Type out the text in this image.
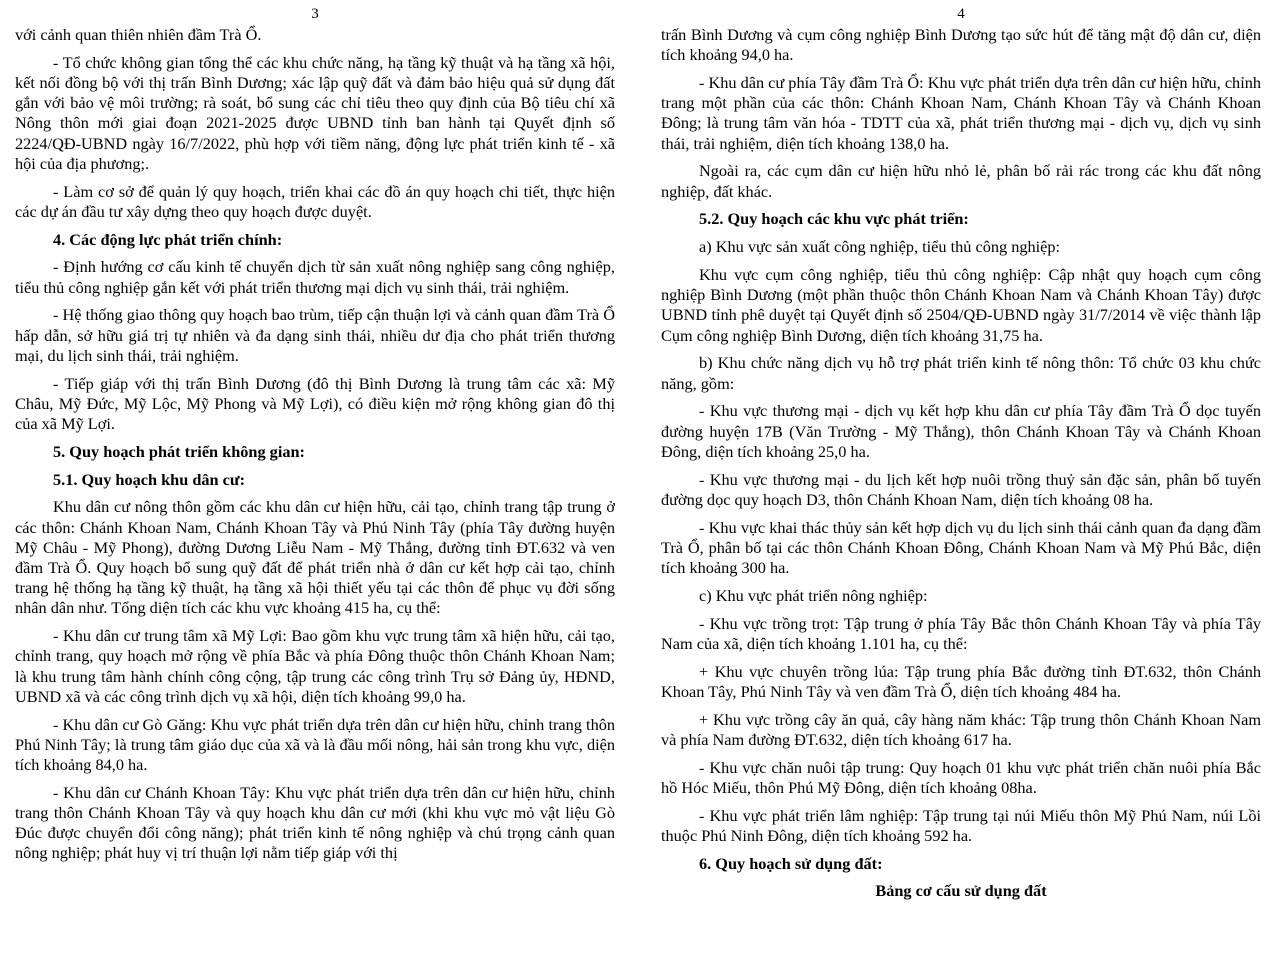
3

với cảnh quan thiên nhiên đầm Trà Ổ.

- Tổ chức không gian tổng thể các khu chức năng, hạ tầng kỹ thuật và hạ tầng xã hội, kết nối đồng bộ với thị trấn Bình Dương; xác lập quỹ đất và đảm bảo hiệu quả sử dụng đất gắn với bảo vệ môi trường; rà soát, bổ sung các chỉ tiêu theo quy định của Bộ tiêu chí xã Nông thôn mới giai đoạn 2021-2025 được UBND tỉnh ban hành tại Quyết định số 2224/QĐ-UBND ngày 16/7/2022, phù hợp với tiềm năng, động lực phát triển kinh tế - xã hội của địa phương;.

- Làm cơ sở để quản lý quy hoạch, triển khai các đồ án quy hoạch chi tiết, thực hiện các dự án đầu tư xây dựng theo quy hoạch được duyệt.

4. Các động lực phát triển chính:

- Định hướng cơ cấu kinh tế chuyển dịch từ sản xuất nông nghiệp sang công nghiệp, tiểu thủ công nghiệp gắn kết với phát triển thương mại dịch vụ sinh thái, trải nghiệm.

- Hệ thống giao thông quy hoạch bao trùm, tiếp cận thuận lợi và cảnh quan đầm Trà Ổ hấp dẫn, sở hữu giá trị tự nhiên và đa dạng sinh thái, nhiều dư địa cho phát triển thương mại, du lịch sinh thái, trải nghiệm.

- Tiếp giáp với thị trấn Bình Dương (đô thị Bình Dương là trung tâm các xã: Mỹ Châu, Mỹ Đức, Mỹ Lộc, Mỹ Phong và Mỹ Lợi), có điều kiện mở rộng không gian đô thị của xã Mỹ Lợi.

5. Quy hoạch phát triển không gian:

5.1. Quy hoạch khu dân cư:

Khu dân cư nông thôn gồm các khu dân cư hiện hữu, cải tạo, chỉnh trang tập trung ở các thôn: Chánh Khoan Nam, Chánh Khoan Tây và Phú Ninh Tây (phía Tây đường huyện Mỹ Châu - Mỹ Phong), đường Dương Liễu Nam - Mỹ Thắng, đường tỉnh ĐT.632 và ven đầm Trà Ổ. Quy hoạch bổ sung quỹ đất để phát triển nhà ở dân cư kết hợp cải tạo, chỉnh trang hệ thống hạ tầng kỹ thuật, hạ tầng xã hội thiết yếu tại các thôn để phục vụ đời sống nhân dân như. Tổng diện tích các khu vực khoảng 415 ha, cụ thể:

- Khu dân cư trung tâm xã Mỹ Lợi: Bao gồm khu vực trung tâm xã hiện hữu, cải tạo, chỉnh trang, quy hoạch mở rộng về phía Bắc và phía Đông thuộc thôn Chánh Khoan Nam; là khu trung tâm hành chính công cộng, tập trung các công trình Trụ sở Đảng ủy, HĐND, UBND xã và các công trình dịch vụ xã hội, diện tích khoảng 99,0 ha.

- Khu dân cư Gò Găng: Khu vực phát triển dựa trên dân cư hiện hữu, chỉnh trang thôn Phú Ninh Tây; là trung tâm giáo dục của xã và là đầu mối nông, hải sản trong khu vực, diện tích khoảng 84,0 ha.

- Khu dân cư Chánh Khoan Tây: Khu vực phát triển dựa trên dân cư hiện hữu, chỉnh trang thôn Chánh Khoan Tây và quy hoạch khu dân cư mới (khi khu vực mỏ vật liệu Gò Đúc được chuyển đổi công năng); phát triển kinh tế nông nghiệp và chú trọng cảnh quan nông nghiệp; phát huy vị trí thuận lợi nằm tiếp giáp với thị

4

trấn Bình Dương và cụm công nghiệp Bình Dương tạo sức hút để tăng mật độ dân cư, diện tích khoảng 94,0 ha.

- Khu dân cư phía Tây đầm Trà Ổ: Khu vực phát triển dựa trên dân cư hiện hữu, chỉnh trang một phần của các thôn: Chánh Khoan Nam, Chánh Khoan Tây và Chánh Khoan Đông; là trung tâm văn hóa - TDTT của xã, phát triển thương mại - dịch vụ, dịch vụ sinh thái, trải nghiệm, diện tích khoảng 138,0 ha.

Ngoài ra, các cụm dân cư hiện hữu nhỏ lẻ, phân bố rải rác trong các khu đất nông nghiệp, đất khác.

5.2. Quy hoạch các khu vực phát triển:

a) Khu vực sản xuất công nghiệp, tiểu thủ công nghiệp:

Khu vực cụm công nghiệp, tiểu thủ công nghiệp: Cập nhật quy hoạch cụm công nghiệp Bình Dương (một phần thuộc thôn Chánh Khoan Nam và Chánh Khoan Tây) được UBND tỉnh phê duyệt tại Quyết định số 2504/QĐ-UBND ngày 31/7/2014 về việc thành lập Cụm công nghiệp Bình Dương, diện tích khoảng 31,75 ha.

b) Khu chức năng dịch vụ hỗ trợ phát triển kinh tế nông thôn: Tổ chức 03 khu chức năng, gồm:

- Khu vực thương mại - dịch vụ kết hợp khu dân cư phía Tây đầm Trà Ổ dọc tuyến đường huyện 17B (Văn Trường - Mỹ Thắng), thôn Chánh Khoan Tây và Chánh Khoan Đông, diện tích khoảng 25,0 ha.

- Khu vực thương mại - du lịch kết hợp nuôi trồng thuỷ sản đặc sản, phân bố tuyến đường dọc quy hoạch D3, thôn Chánh Khoan Nam, diện tích khoảng 08 ha.

- Khu vực khai thác thủy sản kết hợp dịch vụ du lịch sinh thái cảnh quan đa dạng đầm Trà Ổ, phân bố tại các thôn Chánh Khoan Đông, Chánh Khoan Nam và Mỹ Phú Bắc, diện tích khoảng 300 ha.

c) Khu vực phát triển nông nghiệp:

- Khu vực trồng trọt: Tập trung ở phía Tây Bắc thôn Chánh Khoan Tây và phía Tây Nam của xã, diện tích khoảng 1.101 ha, cụ thể:

+ Khu vực chuyên trồng lúa: Tập trung phía Bắc đường tỉnh ĐT.632, thôn Chánh Khoan Tây, Phú Ninh Tây và ven đầm Trà Ổ, diện tích khoảng 484 ha.

+ Khu vực trồng cây ăn quả, cây hàng năm khác: Tập trung thôn Chánh Khoan Nam và phía Nam đường ĐT.632, diện tích khoảng 617 ha.

- Khu vực chăn nuôi tập trung: Quy hoạch 01 khu vực phát triển chăn nuôi phía Bắc hồ Hóc Miếu, thôn Phú Mỹ Đông, diện tích khoảng 08ha.

- Khu vực phát triển lâm nghiệp: Tập trung tại núi Miếu thôn Mỹ Phú Nam, núi Lồi thuộc Phú Ninh Đông, diện tích khoảng 592 ha.

6. Quy hoạch sử dụng đất:

Bảng cơ cấu sử dụng đất
